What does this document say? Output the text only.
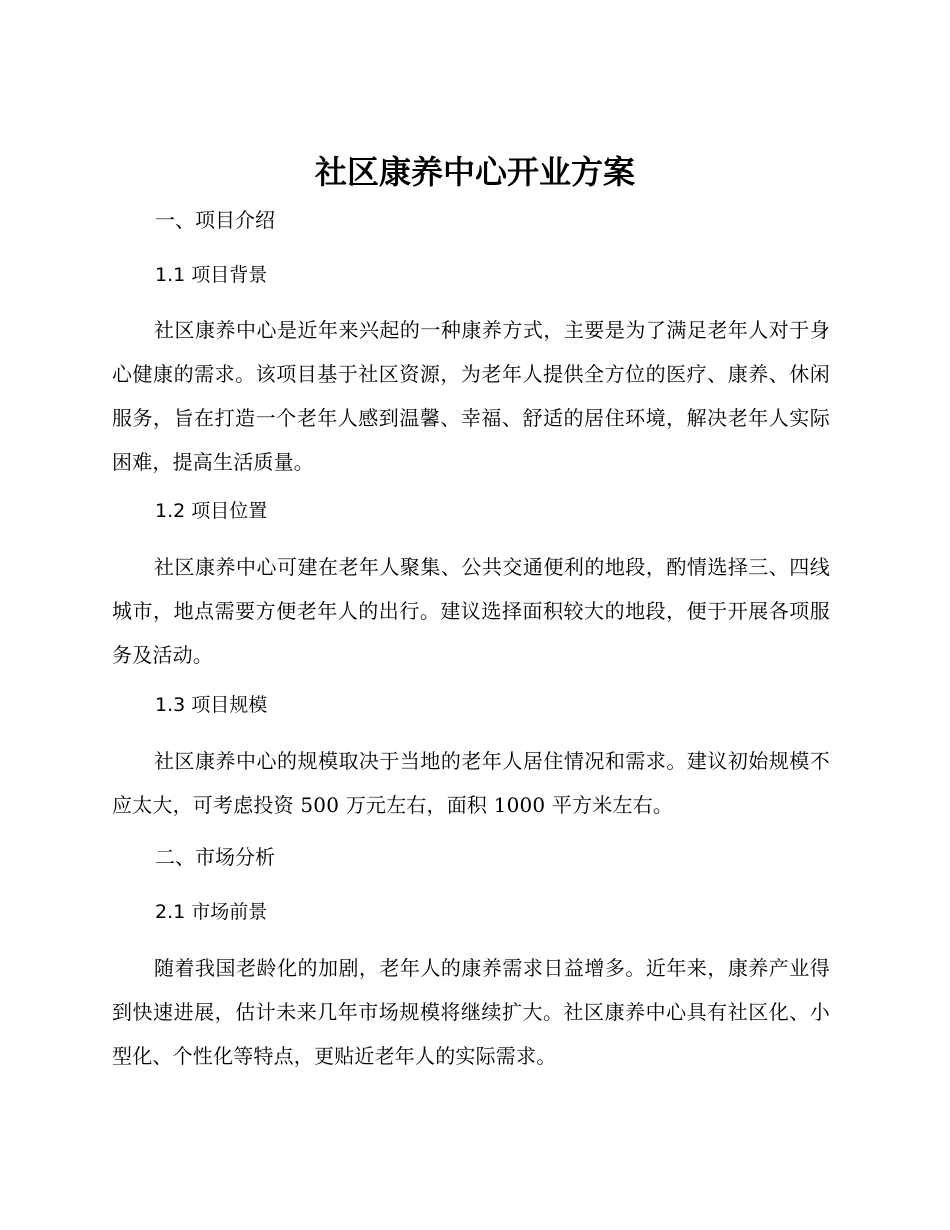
社区康养中心开业方案
一、项目介绍
1.1 项目背景

社区康养中心是近年来兴起的一种康养方式，主要是为了满足老年人对于身心健康的需求。该项目基于社区资源，为老年人提供全方位的医疗、康养、休闲服务，旨在打造一个老年人感到温馨、幸福、舒适的居住环境，解决老年人实际困难，提高生活质量。

1.2 项目位置

社区康养中心可建在老年人聚集、公共交通便利的地段，酌情选择三、四线城市，地点需要方便老年人的出行。建议选择面积较大的地段，便于开展各项服务及活动。

1.3 项目规模

社区康养中心的规模取决于当地的老年人居住情况和需求。建议初始规模不应太大，可考虑投资 500 万元左右，面积 1000 平方米左右。

二、市场分析
2.1 市场前景

随着我国老龄化的加剧，老年人的康养需求日益增多。近年来，康养产业得到快速进展，估计未来几年市场规模将继续扩大。社区康养中心具有社区化、小型化、个性化等特点，更贴近老年人的实际需求。
